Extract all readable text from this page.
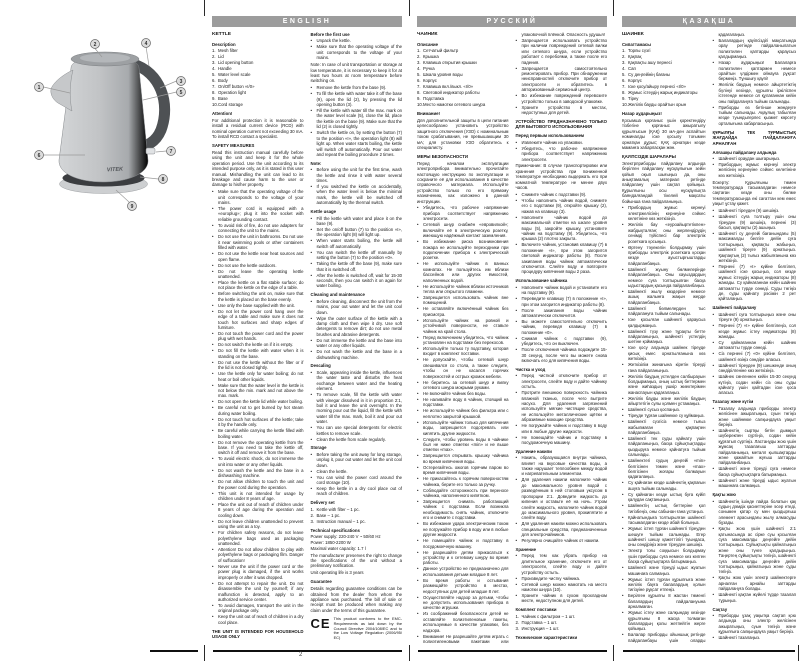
2
VITEK
1
2
3
4
5
6
7
8
9
ENGLISH
KETTLE
Description
1. Mesh filter
2. Lid
3. Lid opening button
4. Handle
5. Water level scale
6. Body
7. On/Off button «I/0»
8. Operation light
9. Base
10. Cord storage
Attention!
For additional protection it is reasonable to install a residual current device (RCD) with nominal operation current not exceeding 30 mA. To install RCD contact a specialist.
SAFETY MEASURES
Read this instruction manual carefully before using the unit and keep it for the whole operation period. Use the unit according to its intended purpose only, as it is stated in this user manual. Mishandling the unit can lead to its breakage and cause harm to the user or damage to his/her property.
•	Make sure that the operating voltage of the unit corresponds to the voltage of your mains.
•	The power cord is equipped with a «europlug»; plug it into the socket with reliable grounding contact.
•	To avoid risk of fire, do not use adapters for connecting the unit to the mains.
•	Do not use the unit in bathrooms. Do not use it near swimming pools or other containers filled with water.
•	Do not use the kettle near heat sources and open flame.
•	Do not use the kettle outdoors.
•	Do not leave the operating kettle unattended.
•	Place the kettle on a flat stable surface; do not place the kettle on the edge of a table.
•	Before switching the unit on, make sure that the kettle is placed on the base evenly.
•	Use only the base supplied with the unit.
•	Do not let the power cord hang over the edge of a table and make sure it does not touch hot surfaces and sharp edges of furniture.
•	Do not touch the power cord and the power plug with wet hands.
•	Do not switch the kettle on if it is empty.
•	Do not fill the kettle with water when it is standing on the base.
•	Do not use the kettle without the filter or if the lid is not closed tightly.
•	Use the kettle only for water boiling; do not heat or boil other liquids.
•	Make sure that the water level in the kettle is not below the min. mark and not above the max. mark.
•	Do not open the kettle lid while water boiling.
•	Be careful not to get burned by hot steam during water boiling.
•	Do not touch hot surfaces of the kettle; take it by the handle only.
•	Be careful while carrying the kettle filled with boiling water.
•	Do not remove the operating kettle from the base. If you need to take the kettle off, switch it off and remove it from the base.
•	To avoid electric shock, do not immerse the unit into water or any other liquids.
•	Do not wash the kettle and the base in a dishwashing machine.
•	Do not allow children to touch the unit and the power cord during the operation.
•	This unit is not intended for usage by children under 8 years of age.
•	Place the unit out of reach of children under 8 years of age during the operation and cooling down.
•	Do not leave children unattended to prevent using the unit as a toy.
•	For children safety reasons, do not leave polyethylene bags used as packaging unattended.
•	Attention! Do not allow children to play with polyethylene bags or packaging film. Danger of suffocation!
•	Never use the unit if the power cord or the power plug is damaged, if the unit works improperly or after it was dropped.
•	Do not attempt to repair the unit. Do not disassemble the unit by yourself; if any malfunction is detected, apply to an authorized service center.
•	To avoid damages, transport the unit in the original package only.
•	Keep the unit out of reach of children in a dry cool place.
THE UNIT IS INTENDED FOR HOUSEHOLD USAGE ONLY
Before the first use
•	Unpack the kettle.
•	Make sure that the operating voltage of the unit corresponds to the voltage of your mains.
Note: In case of unit transportation or storage at low temperature, it is necessary to keep it for at least two hours at room temperature before switching on.
•	Remove the kettle from the base (9).
•	To fill the kettle with water take it off the base (9), open the lid (2), by pressing the lid opening button (3).
•	Fill the kettle with water till the max. mark on the water level scale (5), close the lid, place the kettle on the base (9). Make sure that the lid (2) is closed tightly.
•	Switch the kettle on, by setting the button (7) to the position «I», the operation light (8) will light up. When water starts boiling, the kettle will switch off automatically. Pour out water and repeat the boiling procedure 2 times.
Note:
•	Before using the unit for the first time, wash the kettle and rinse it with water several times.
•	If you switched the kettle on accidentally, when the water level is below the minimal mark, the kettle will be switched off automatically by the thermal switch.
Kettle usage
•	Fill the kettle with water and place it on the base (9).
•	Set the on/off button (7) to the position «I», the operation light (8) will light up.
•	When water starts boiling, the kettle will switch off automatically.
•	You can switch the kettle off manually by setting the button (7) to the position «0».
•	Taking the kettle off the base (9), make sure that it is switched off.
•	After the kettle is switched off, wait for 15-30 seconds, then you can switch it on again for water boiling.
Cleaning and maintenance
•	Before cleaning, disconnect the unit from the mains, pour out water and let the unit cool down.
•	Wipe the outer surface of the kettle with a damp cloth and then wipe it dry. Use soft detergents to remove dirt; do not use metal brushes and abrasive detergents.
•	Do not immerse the kettle and the base into water or any other liquids.
•	Do not wash the kettle and the base in a dishwashing machine.
Descaling
•	Scale, appearing inside the kettle, influences the water taste and disturbs the heat exchange between water and the heating element.
•	To remove scale, fill the kettle with water with vinegar dissolved in it in proportion 2:1, boil it and leave the unit overnight. In the morning pour out the liquid, fill the kettle with water till the max. mark, boil it and pour out water.
•	You can use special detergents for electric kettles to remove scale.
•	Clean the kettle from scale regularly.
Storage
•	Before taking the unit away for long storage, unplug it, pour out water and let the unit cool down.
•	Clean the kettle.
•	You can wind the power cord around the cord storage (10).
•	Keep the kettle in a dry cool place out of reach of children.
Delivery set
1. Kettle with filter – 1 pc.
2. Base – 1 pc.
3. Instruction manual – 1 pc.
Technical specifications
Power supply: 220-240 V ~ 50/60 Hz
Power: 1850-2200 W
Maximal water capacity: 1.7 l
The manufacturer preserves the right to change the specifications of the unit without a preliminary notification.
Unit operating life is 3 years
Guarantee
Details regarding guarantee conditions can be obtained from the dealer from whom the appliance was purchased. The bill of sale or receipt must be produced when making any claim under the terms of this guarantee.
CE This product conforms to the EMC-Requirements as laid down by the Council Directive 2004/108/ЕС and to the Low Voltage Regulation (2006/95/ЕС)
РУССКИЙ
ЧАЙНИК
Описание
1. Сетчатый фильтр
2. Крышка
3. Клавиша открытия крышки
4. Ручка
5. Шкала уровня воды
6. Корпус
7. Клавиша вкл./выкл. «I/0»
8. Световой индикатор работы
9. Подставка
10. Место намотки сетевого шнура
Внимание!
Для дополнительной защиты в цепи питания целесообразно установить устройство защитного отключения (УЗО) с номинальным током срабатывания, не превышающим 30 мА; для установки УЗО обратитесь к специалисту.
МЕРЫ БЕЗОПАСНОСТИ
Перед началом эксплуатации электроприбора внимательно прочитайте настоящую инструкцию по эксплуатации и сохраните её для использования в качестве справочного материала. Используйте устройство только по его прямому назначению, как изложено в данной инструкции.
•	Убедитесь, что рабочее напряжение прибора соответствует напряжению электросети.
•	Сетевой шнур снабжён «евровилкой»; включайте её в электрическую розетку, имеющую надёжный контакт заземления.
•	Во избежание риска возникновения пожара не используйте переходники при подключении прибора к электрической розетке.
•	Не используйте чайник в ванных комнатах. Не пользуйтесь им вблизи бассейнов или других ёмкостей, наполненных водой.
•	Не используйте чайник вблизи источников тепла или открытого пламени.
•	Запрещается использовать чайник вне помещений.
•	Не оставляйте включённый чайник без присмотра.
•	Используйте чайник на ровной и устойчивой поверхности, не ставьте чайник на край стола.
•	Перед включением убедитесь, что чайник установлен на подставке без перекосов.
•	Используйте только ту подставку, которая входит в комплект поставки.
•	Не допускайте, чтобы сетевой шнур свешивался со стола, а также следите, чтобы он не касался горячих поверхностей и острых кромок мебели.
•	Не беритесь за сетевой шнур и вилку сетевого шнура мокрыми руками.
•	Не включайте чайник без воды.
•	Не наливайте воду в чайник, стоящий на подставке.
•	Не используйте чайник без фильтра или с неплотно закрытой крышкой.
•	Используйте чайник только для кипячения воды, запрещается подогревать или кипятить другие жидкости.
•	Следите, чтобы уровень воды в чайнике был не ниже отметки «min» и не выше отметки «max».
•	Запрещается открывать крышку чайника во время кипячения воды.
•	Остерегайтесь ожогов горячим паром во время кипячения воды.
•	Не прикасайтесь к горячим поверхностям чайника, берите его только за ручку.
•	Соблюдайте осторожность при переносе чайника, наполненного кипятком.
•	Запрещается снимать работающий чайник с подставки. Если возникла необходимость снять чайник, отключите его и снимите с подставки.
•	Во избежание удара электрическим током не погружайте прибор в воду или в любые другие жидкости.
•	Не помещайте чайник и подставку в посудомоечную машину.
•	Не разрешайте детям прикасаться к устройству и к сетевому шнуру во время работы.
•	Данное устройство не предназначено для использования детьми младше 8 лет.
•	Во время работы и остывания размещайте устройство в местах, недоступных для детей младше 8 лет.
•	Осуществляйте надзор за детьми, чтобы не допустить использования прибора в качестве игрушки.
•	Из соображений безопасности детей не оставляйте полиэтиленовые пакеты, используемые в качестве упаковки, без надзора.
•	Внимание! Не разрешайте детям играть с полиэтиленовыми пакетами или упаковочной плёнкой. Опасность удушья!
•	Запрещается использовать устройство при наличии повреждений сетевой вилки или сетевого шнура, если устройство работает с перебоями, а также после его падения.
•	Запрещается самостоятельно ремонтировать прибор. При обнаружении неисправностей отключите прибор от электросети и обратитесь в авторизованный сервисный центр.
•	Во избежание повреждений перевозите устройство только в заводской упаковке.
•	Храните устройство в местах, недоступных для детей.
УСТРОЙСТВО ПРЕДНАЗНАЧЕНО ТОЛЬКО ДЛЯ БЫТОВОГО ИСПОЛЬЗОВАНИЯ
Перед первым использованием
•	Извлеките чайник из упаковки.
•	Убедитесь, что рабочее напряжение прибора соответствует напряжению электросети.
Примечание: В случае транспортировки или хранения устройства при пониженной температуре необходимо выдержать его при комнатной температуре не менее двух часов.
•	Снимите чайник с подставки (9).
•	Чтобы наполнить чайник водой, снимите его с подставки (9), откройте крышку (2), нажав на клавишу (3).
•	Наполните чайник водой до максимальной отметки на шкале уровня воды (5), закройте крышку, установите чайник на подставку (9). Убедитесь, что крышка (2) плотно закрыта.
•	Включите чайник, установив клавишу (7) в положение «I», при этом загорится световой индикатор работы (8). После закипания воды чайник автоматически отключится. Слейте воду и повторите процедуру кипячения воды 2 раза.
Использование чайника
•	Наполните чайник водой и установите его на подставку (9).
•	Переведите клавишу (7) в положение «I», при этом загорится индикатор работы (8).
•	После закипания воды чайник автоматически отключится.
•	Вы можете самостоятельно отключить чайник, переведя клавишу (7) в положение «0».
•	Снимая чайник с подставки (9), убедитесь, что он выключен.
•	После отключения чайника подождите 15-30 секунд, после чего вы можете снова включать его для кипячения воды.
Чистка и уход
•	Перед чисткой отключите прибор от электросети, слейте воду и дайте чайнику остыть.
•	Протрите внешнюю поверхность чайника влажной тканью, после чего вытрите насухо. Для удаления загрязнений используйте мягкие чистящие средства, не используйте металлические щётки и абразивные моющие средства.
•	Не погружайте чайник и подставку в воду или в любые другие жидкости.
•	Не помещайте чайник и подставку в посудомоечную машину.
Удаление накипи
•	Накипь, образующаяся внутри чайника, влияет на вкусовые качества воды, а также нарушает теплообмен между водой и нагревательным элементом.
•	Для удаления накипи наполните чайник до максимального уровня водой с разведённым в ней столовым уксусом в пропорции 2:1. Доведите жидкость до кипения и оставьте её на ночь. Утром слейте жидкость, наполните чайник водой до максимального уровня, прокипятите и слейте воду.
•	Для удаления накипи можно использовать специальные средства, предназначенные для электрочайников.
•	Регулярно очищайте чайник от накипи.
Хранение
•	Перед тем как убрать прибор на длительное хранение, отключите его от электросети, слейте воду и дайте устройству остыть.
•	Произведите чистку чайника.
•	Сетевой шнур можно намотать на место намотки шнура (10).
•	Храните чайник в сухом прохладном месте, недоступном для детей.
Комплект поставки
1. Чайник с фильтром – 1 шт.
2. Подставка – 1 шт.
3. Инструкция – 1 шт.
Технические характеристики
ҚАЗАҚША
ШАЙНЕК
Сипаттамасы
1. Торлы сүзгі
2. Қақпақ
3. Қақпақты ашу пернесі
4. Сап
5. Су деңгейінің бағаны
6. Корпус
7. Іске қосу/айыру пернесі «I/0»
8. Жұмыс істеудің жарық индикаторы
9. Тіреу
10. Желілік бауды орайтын орын
Назар аударыңыз!
Қосымша қорғаныс үшін қоректендіру тізбегіне қорғаныс ажыратылу құрылғысын (ҚАҚ) 30 мА-ден аспайтын номиналды іске қосылу тоғымен орнатқан дұрыс; ҚАҚ орнатқан кезде маманға хабарласқан жөн.
ҚАУІПСІЗДІК ШАРАЛАРЫ
Электрприборды пайдалану алдында берілген пайдалану нұсқаулығын зейін қойып оқып шығыңыз да, оны анықтамалық материал ретінде пайдалану үшін сақтап қойыңыз. Құрылғыны осы нұсқаулықта баяндалғандай тікелей мақсаты бойынша ғана пайдаланыңыз.
•	Прибордың жұмыс кернеуі электржелісінің кернеуіне сәйкес келетініне көз жеткізіңіз.
•	Желілік бау «еуроайыртетікпен» жабдықталған; оны жерлендірудің сенімді түйіспесі бар электрлік розеткаға қосыңыз.
•	Өртену тәуекелін болдырмау үшін приборды электрлік розеткаға қосқан кезде ауыстырғыштарды пайдаланбаңыз.
•	Шайнекті жуыну бөлмелерінде пайдаланбаңыз. Оны хауыздардың немесе суға толтырылған басқа ыдыстардың қасында пайдаланбаңыз.
•	Шайнекті жылу көздеріне немесе ашық жалынға жақын жерде пайдаланбаңыз.
•	Шайнекті бөлмелерден тыс пайдалануға тыйым салынады.
•	Іске қосылған шайнекті қараусыз қалдырмаңыз.
•	Шайнекті түзу және тұрақты бетте пайдаланыңыз, шайнекті үстелдің шетіне қоймаңыз.
•	Іске қосу алдында шайнек тіреуде қисық емес орнатылғанына көз жеткізіңіз.
•	Жеткізілім жинағына кіретін тіреуді ғана пайдаланыңыз.
•	Желілік баудың үстелден салбырауын болдырмаңыз, оның ыстық беттермен және жиһаздың үшкір жиектерімен жанаспауын қадағалаңыз.
•	Желілік бауды және желілік баудың айыртетігін сулы қолмен ұстамаңыз.
•	Шайнекті сусыз қоспаңыз.
•	Тіреуде тұрған шайнекке су құймаңыз.
•	Шайнекті сүзгісіз немесе тығыз жабылмаған қақпақпен пайдаланбаңыз.
•	Шайнекті тек суды қайнату үшін пайдаланыңыз, басқа сұйықтықтарды қыздыруға немесе қайнатуға тыйым салынады.
•	Шайнектегі судың деңгейі «min» белгісінен төмен және «max» белгісінен жоғары болмауын қадағалаңыз.
•	Су қайнаған кезде шайнектің қақпағын ашуға тыйым салынады.
•	Су қайнаған кезде ыстық буға күйіп қалудан сақтаныңыз.
•	Шайнектің ыстық беттеріне қол тигізбеңіз, оны сабынан ғана ұстаңыз.
•	Қайнатындыға толтырылған шайнекті тасымалдаған кезде абай болыңыз.
•	Жұмыс істеп тұрған шайнекті тіреуден шешуге тыйым салынады. Егер шайнекті шешу қажеттілігі туындаса, оны сөндіріңіз және тіреуден шешіңіз.
•	Электр тоғы соққысын болдырмау үшін приборды суға немесе кез келген басқа сұйықтықтарға батырмаңыз.
•	Шайнекті және тіреуді ыдыс жуатын машинаға салмаңыз.
•	Жұмыс істеп тұрған құрылғыға және желілік бауға балалардың қолын тигізуіне рұқсат етпеңіз.
•	Берілген құрылғы 8 жастан төменгі балалардың пайдалануына арналмаған.
•	Жұмыс істеу және салқындау кезінде құрылғыны 8 жасқа толмаған балалардың қолы жетпейтін жерге қойыңыз.
•	Балалар приборды ойыншық ретінде пайдаланбауы үшін оларды қадағалаңыз.
•	Балалардың қауіпсіздігі мақсатында орау ретінде пайдаланылатын полиэтилен қаптарды қараусыз қалдырмаңыз.
•	Назар аударыңыз! Балаларға полиэтилен қаптармен немесе орайтын үлдірмен ойнауға рұқсат бермеңіз. Тұншығу қаупі!
•	Желілік баудың немесе айыртетіктің бүлінуі кезінде, құрылғы іркіліспен істегенде немесе ол құлағаннан кейін оны пайдалануға тыйым салынады.
•	Приборды өз бетінше жөндеуге тыйым салынады. Ақаулық табылған кезде туындыгерлес қызмет көрсету орталығына хабарласыңыз.
ҚҰРЫЛҒЫ ТЕК ТҰРМЫСТЫҚ ЖАҒДАЙДА ПАЙДАЛАНУҒА АРНАЛҒАН
Алғашқы пайдалану алдында
•	Шайнекті ораудан шығарыңыз.
•	Прибордың жұмыс кернеуі электр желісінің кернеуіне сәйкес келетініне көз жеткізіңіз.
Ескерту: Құрылғыны төмен температурада тасымалдаған немесе сақтаған кезде оны бөлме температурасында екі сағаттан кем емес уақыт ұстау қажет.
•	Шайнекті тіреуден (9) шешіңіз.
•	Шайнекті суға толтыру үшін оны тіреуден (9) шешіңіз, пернені (3) басып, қақпақты (2) ашыңыз.
•	Шайнекті су деңгейі бағанындағы (5) максималды белгіге дейін суға толтырыңыз, қақпақты жабыңыз, шайнекті тіреуге (9) орнатыңыз. Қақпақтың (2) тығыз жабылғанына көз жеткізіңіз.
•	Пернені (7) «I» күйіне белгілеп, шайнекті іске қосыңыз, сол кезде жұмыс істеудің жарық индикаторы (8) жанады. Су қайнағаннан кейін шайнек автоматты түрде сөнеді. Суды төгіңіз де, суды қайнату рәсімін 2 рет қайталаңыз.
Шайнекті пайдалану
•	Шайнекті суға толтырыңыз және оны тіреуге (9) орнатыңыз.
•	Пернені (7) «I» күйіне белгілеңіз, сол кезде жұмыс істеу индикаторы (8) жанады.
•	Су қайнағаннан кейін шайнек автоматты түрде сөнеді.
•	Сіз пернені (7) «0» күйіне белгілеп, шайнекті өзіңіз сөндіре аласыз.
•	Шайнекті тіреуден (9) шешкенде оның сөндірілгеніне көз жеткізіңіз.
•	Шайнек сөнгеннен кейін 15-30 секунд күтіңіз, содан кейін сіз оны суды қайнату үшін қайтадан іске қоса аласыз.
Тазалау және күтім
•	Тазалау алдында приборды электр желісінен ажыратыңыз, суын төгіңіз және шайнекке салқындауға уақыт беріңіз.
•	Шайнектің сыртқы бетін дымқыл шүберекпен сүртіңіз, содан кейін құрғатып сүртіңіз. Ластануды жою үшін жұмсақ тазалағыш заттарды пайдаланыңыз, металл қылшақтарды және қажайтын жуғыш заттарды пайдаланбаңыз.
•	Шайнекті және тіреуді суға немесе басқа сұйықтықтарға батырмаңыз.
•	Шайнекті және тіреуді ыдыс жуатын машинаға салмаңыз.
Қақты жою
•	Шайнектің ішінде пайда болатын қақ судың дәмдік қасиеттеріне әсер етеді, сонымен қатар су мен қыздырғыш элемент арасындағы жылу алмасуды бұзады.
•	Қақты жою үшін шайнекті 2:1 қатынасында ас сірке суы қосылған суға максималды деңгейге дейін толтырыңыз. Сұйықтықты қайнатыңыз және оны түнге қалдырыңыз. Таңертең сұйықтықты төгіңіз, шайнекті суға максималды деңгейге дейін толтырыңыз, қайнатыңыз және суды төгіңіз.
•	Қақты жою үшін электр шайнектерге арналған арнайы заттарды пайдалануға болады.
•	Шайнекті қақтан жүйелі түрде тазалап тұрыңыз.
Сақтау
•	Приборды ұзақ уақытқа сақтап қою алдында оны электр желісінен ажыратыңыз, суын төгіңіз және құрылғыға салқындауға уақыт беріңіз.
•	Шайнекті тазалаңыз.
